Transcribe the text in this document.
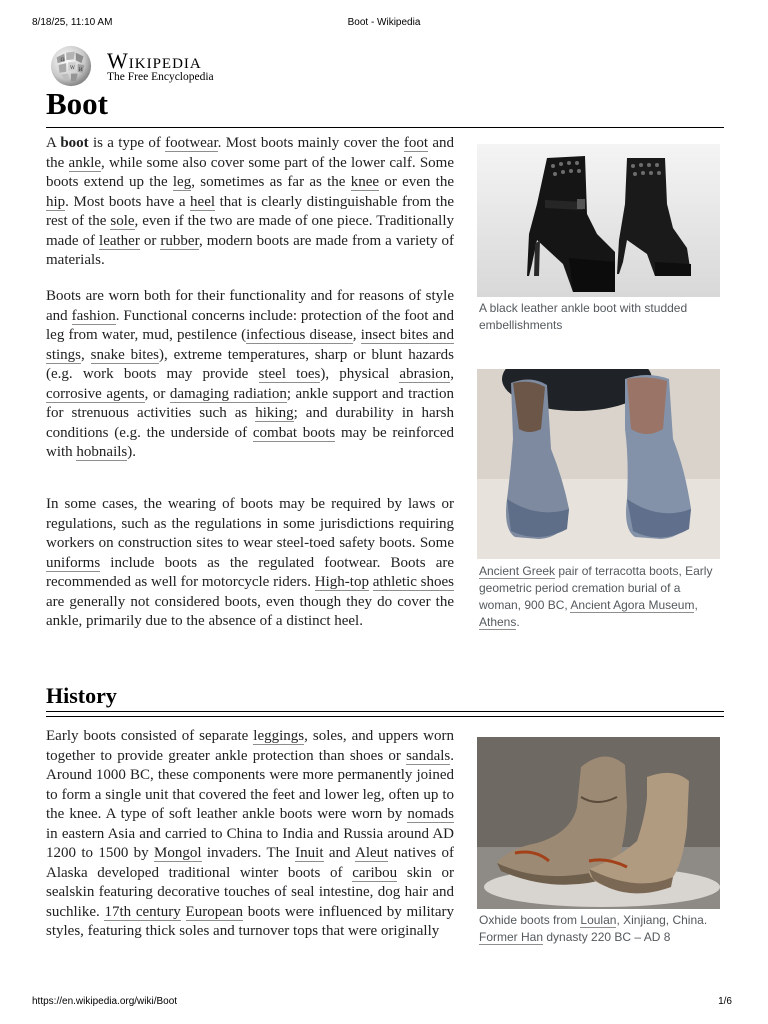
8/18/25, 11:10 AM	Boot - Wikipedia
Ω
W И Wikipedia
The Free Encyclopedia
Boot

A boot is a type of footwear. Most boots mainly cover the foot and the ankle, while some also cover some part of the lower calf. Some boots extend up the leg, sometimes as far as the knee or even the hip. Most boots have a heel that is clearly distinguishable from the rest of the sole, even if the two are made of one piece. Traditionally made of leather or rubber, modern boots are made from a variety of materials.

Boots are worn both for their functionality and for reasons of style and fashion. Functional concerns include: protection of the foot and leg from water, mud, pestilence (infectious disease, insect bites and stings, snake bites), extreme temperatures, sharp or blunt hazards (e.g. work boots may provide steel toes), physical abrasion, corrosive agents, or damaging radiation; ankle support and traction for strenuous activities such as hiking; and durability in harsh conditions (e.g. the underside of combat boots may be reinforced with hobnails).

In some cases, the wearing of boots may be required by laws or regulations, such as the regulations in some jurisdictions requiring workers on construction sites to wear steel-toed safety boots. Some uniforms include boots as the regulated footwear. Boots are recommended as well for motorcycle riders. High-top athletic shoes are generally not considered boots, even though they do cover the ankle, primarily due to the absence of a distinct heel.

A black leather ankle boot with studded embellishments
Ancient Greek pair of terracotta boots, Early geometric period cremation burial of a woman, 900 BC, Ancient Agora Museum, Athens.
History

Early boots consisted of separate leggings, soles, and uppers worn together to provide greater ankle protection than shoes or sandals. Around 1000 BC, these components were more permanently joined to form a single unit that covered the feet and lower leg, often up to the knee. A type of soft leather ankle boots were worn by nomads in eastern Asia and carried to China to India and Russia around AD 1200 to 1500 by Mongol invaders. The Inuit and Aleut natives of Alaska developed traditional winter boots of caribou skin or sealskin featuring decorative touches of seal intestine, dog hair and suchlike. 17th century European boots were influenced by military styles, featuring thick soles and turnover tops that were originally

Oxhide boots from Loulan, Xinjiang, China. Former Han dynasty 220 BC – AD 8
https://en.wikipedia.org/wiki/Boot	1/6
